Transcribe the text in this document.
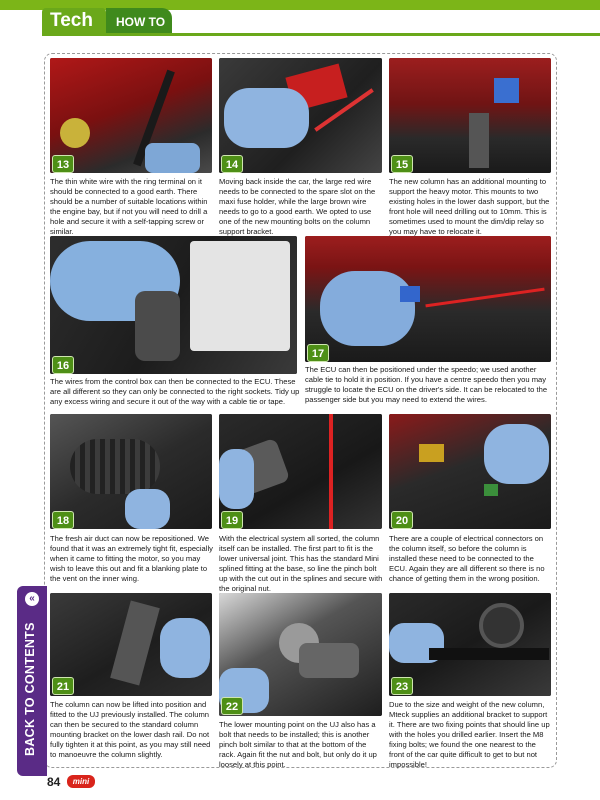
Tech	HOW TO
13	14	15
The thin white wire with the ring terminal on it should be connected to a good earth. There should be a number of suitable locations within the engine bay, but if not you will need to drill a hole and secure it with a self-tapping screw or similar.
Moving back inside the car, the large red wire needs to be connected to the spare slot on the maxi fuse holder, while the large brown wire needs to go to a good earth. We opted to use one of the new mounting bolts on the column support bracket.
The new column has an additional mounting to support the heavy motor. This mounts to two existing holes in the lower dash support, but the front hole will need drilling out to 10mm. This is sometimes used to mount the dim/dip relay so you may have to relocate it.
16
17
The wires from the control box can then be connected to the ECU. These are all different so they can only be connected to the right sockets. Tidy up any excess wiring and secure it out of the way with a cable tie or tape.
The ECU can then be positioned under the speedo; we used another cable tie to hold it in position. If you have a centre speedo then you may struggle to locate the ECU on the driver's side. It can be relocated to the passenger side but you may need to extend the wires.
18	19	20
The fresh air duct can now be repositioned. We found that it was an extremely tight fit, especially when it came to fitting the motor, so you may wish to leave this out and fit a blanking plate to the vent on the inner wing.
With the electrical system all sorted, the column itself can be installed. The first part to fit is the lower universal joint. This has the standard Mini splined fitting at the base, so line the pinch bolt up with the cut out in the splines and secure with the original nut.
There are a couple of electrical connectors on the column itself, so before the column is installed these need to be connected to the ECU. Again they are all different so there is no chance of getting them in the wrong position.
21
22
23
The column can now be lifted into position and fitted to the UJ previously installed. The column can then be secured to the standard column mounting bracket on the lower dash rail. Do not fully tighten it at this point, as you may still need to manoeuvre the column slightly.
The lower mounting point on the UJ also has a bolt that needs to be installed; this is another pinch bolt similar to that at the bottom of the rack. Again fit the nut and bolt, but only do it up loosely at this point.
Due to the size and weight of the new column, Mteck supplies an additional bracket to support it. There are two fixing points that should line up with the holes you drilled earlier. Insert the M8 fixing bolts; we found the one nearest to the front of the car quite difficult to get to but not impossible!
«
BACK TO CONTENTS
84	mini
